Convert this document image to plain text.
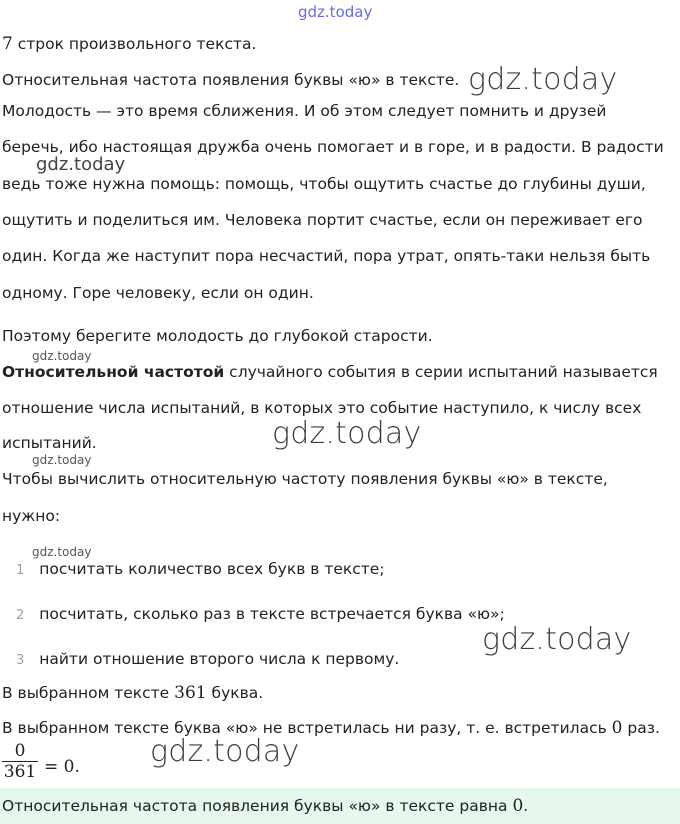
gdz.today
7 строк произвольного текста.
Относительная частота появления буквы «ю» в тексте. gdz.today
Молодость — это время сближения. И об этом следует помнить и друзей
беречь, ибо настоящая дружба очень помогает и в горе, и в радости. В радости
gdz.today
ведь тоже нужна помощь: помощь, чтобы ощутить счастье до глубины души,
ощутить и поделиться им. Человека портит счастье, если он переживает его
один. Когда же наступит пора несчастий, пора утрат, опять-таки нельзя быть
одному. Горе человеку, если он один.
Поэтому берегите молодость до глубокой старости.
gdz.today
Относительной частотой случайного события в серии испытаний называется
отношение числа испытаний, в которых это событие наступило, к числу всех
испытаний.	gdz.today
gdz.today
Чтобы вычислить относительную частоту появления буквы «ю» в тексте,
нужно:
gdz.today
1 посчитать количество всех букв в тексте;
2 посчитать, сколько раз в тексте встречается буква «ю»;
gdz.today
3 найти отношение второго числа к первому.
В выбранном тексте 361 буква.
В выбранном тексте буква «ю» не встретилась ни разу, т. е. встретилась 0 раз.
0
361 = 0. gdz.today
Относительная частота появления буквы «ю» в тексте равна 0.
